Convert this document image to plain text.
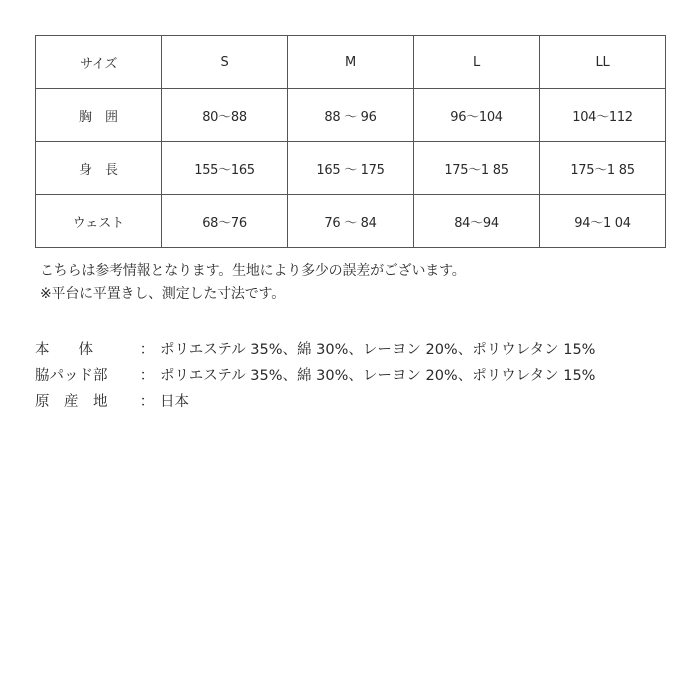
サイズ	S	M	L	LL
胸　囲	80～88	88 ～ 96	96～104	104～112
身　長	155～165	165 ～ 175	175～1 85	175～1 85
ウェスト	68～76	76 ～ 84	84～94	94～1 04
こちらは参考情報となります。生地により多少の誤差がございます。
※平台に平置きし、測定した寸法です。
本　　体	： ポリエステル 35%、綿 30%、レーヨン 20%、ポリウレタン 15%
脇パッド部	： ポリエステル 35%、綿 30%、レーヨン 20%、ポリウレタン 15%
原　産　地	： 日本
